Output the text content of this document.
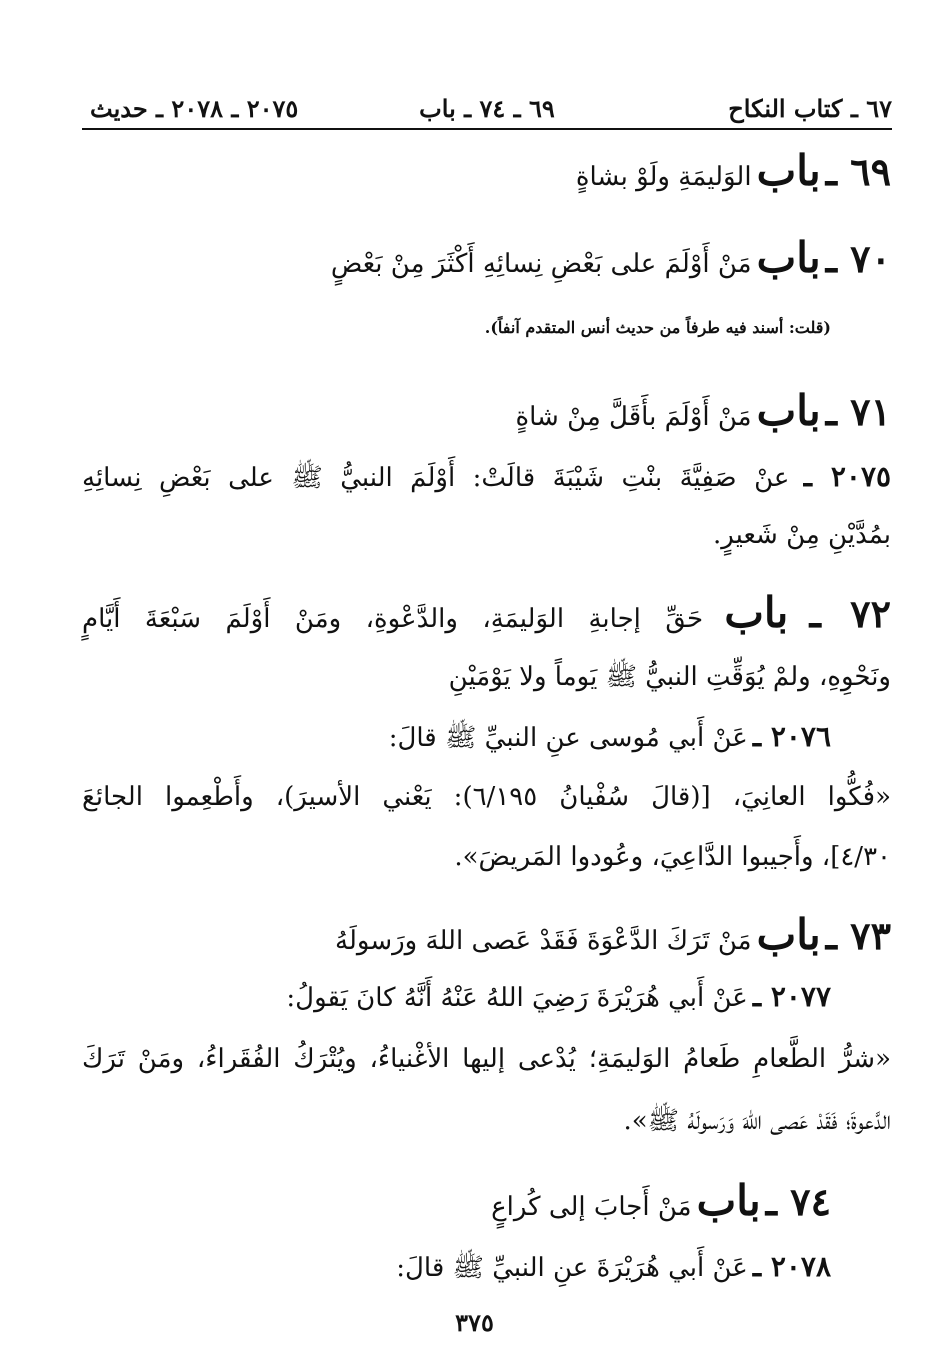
٦٧ ـ كتاب النكاح
٦٩ ـ ٧٤ ـ باب
٢٠٧٥ ـ ٢٠٧٨ ـ حديث
٦٩ ـ باب الوَليمَةِ ولَوْ بشاةٍ
٧٠ ـ باب مَنْ أَوْلَمَ على بَعْضِ نِسائِهِ أَكْثَرَ مِنْ بَعْضٍ
(قلت: أسند فيه طرفاً من حديث أنس المتقدم آنفاً).
٧١ ـ باب مَنْ أَوْلَمَ بأَقَلَّ مِنْ شاةٍ
٢٠٧٥ ـ عنْ صَفِيَّةَ بنْتِ شَيْبَةَ قالَتْ: أَوْلَمَ النبيُّ ﷺ على بَعْضِ نِسائِهِ
بمُدَّيْنِ مِنْ شَعيرٍ.
٧٢ ـ باب حَقِّ إجابةِ الوَليمَةِ، والدَّعْوةِ، ومَنْ أَوْلَمَ سَبْعَةَ أَيَّامٍ
ونَحْوِهِ، ولمْ يُوَقِّتِ النبيُّ ﷺ يَوماً ولا يَوْمَيْنِ
٢٠٧٦ ـ عَنْ أَبي مُوسى عنِ النبيِّ ﷺ قالَ:
«فُكُّوا العانِيَ، [(قالَ سُفْيانُ ٦/١٩٥): يَعْني الأسيرَ)، وأَطْعِموا الجائعَ
٤/٣٠]، وأَجيبوا الدَّاعِيَ، وعُودوا المَريضَ».
٧٣ ـ باب مَنْ تَرَكَ الدَّعْوَةَ فَقَدْ عَصى اللهَ ورَسولَهُ
٢٠٧٧ ـ عَنْ أَبي هُرَيْرَةَ رَضِيَ اللهُ عَنْهُ أَنَّهُ كانَ يَقولُ:
«شرُّ الطَّعامِ طَعامُ الوَليمَةِ؛ يُدْعى إليها الأغْنياءُ، ويُتْرَكُ الفُقَراءُ، ومَنْ تَرَكَ
الدَّعوةَ؛ فَقَدْ عَصى اللهَ وَرَسولَهُ ﷺ».
٧٤ ـ باب مَنْ أَجابَ إلى كُراعٍ
٢٠٧٨ ـ عَنْ أَبي هُرَيْرَةَ عنِ النبيِّ ﷺ قالَ:
٣٧٥
